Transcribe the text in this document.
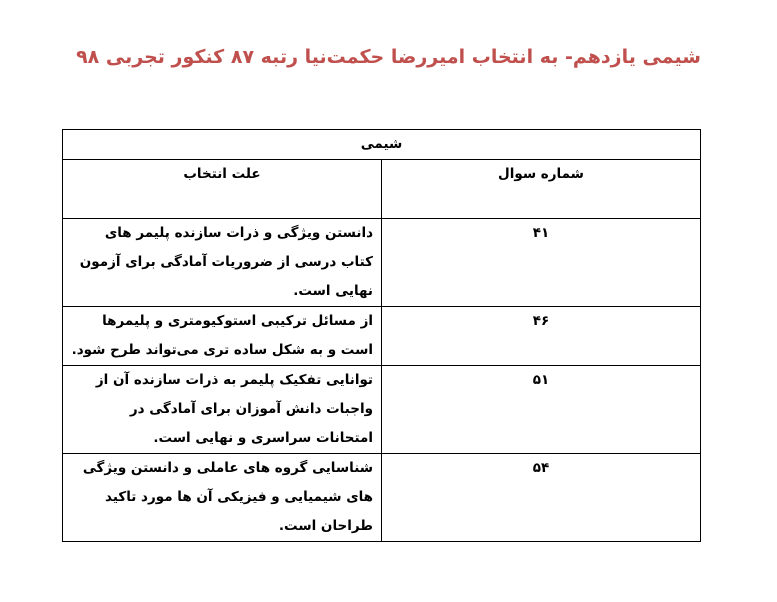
شیمی یازدهم- به انتخاب امیررضا حکمت‌نیا رتبه ۸۷ کنکور تجربی ۹۸
شیمی	
شماره سوال	علت انتخاب
۴۱	دانستن ویژگی و ذرات سازنده پلیمر های کتاب درسی از ضروریات آمادگی برای آزمون نهایی است.
۴۶	از مسائل ترکیبی استوکیومتری و پلیمرها است و به شکل ساده تری می‌تواند طرح شود.
۵۱	توانایی تفکیک پلیمر به ذرات سازنده آن از واجبات دانش آموزان برای آمادگی در امتحانات سراسری و نهایی است.
۵۴	شناسایی گروه های عاملی و دانستن ویژگی های شیمیایی و فیزیکی آن ها مورد تاکید طراحان است.
